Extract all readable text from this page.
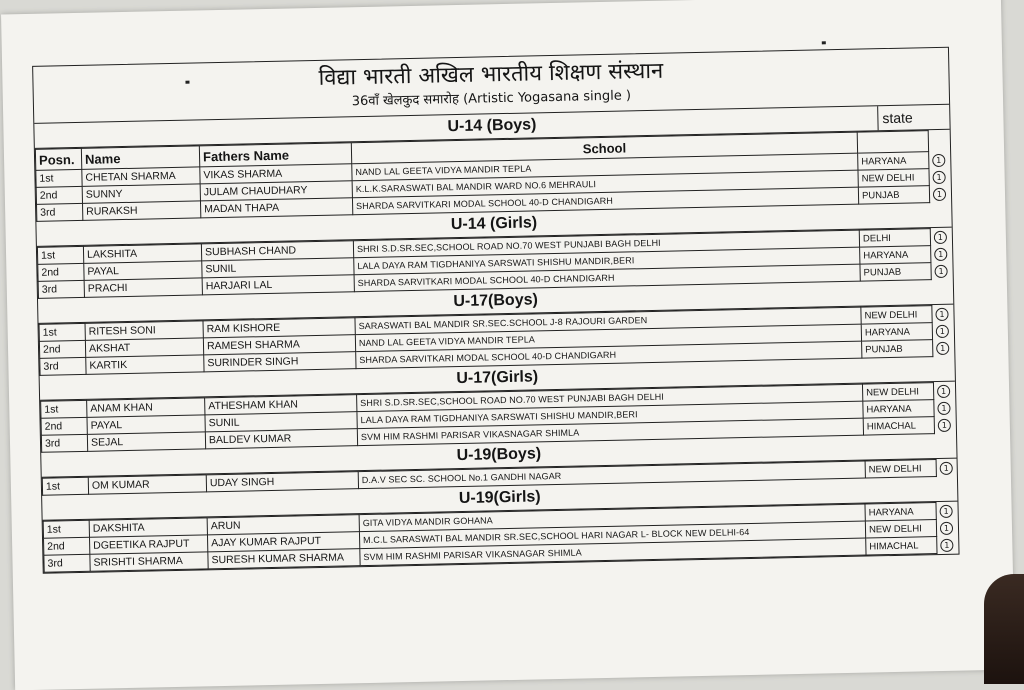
विद्या भारती अखिल भारतीय शिक्षण संस्थान
36वाँ खेलकुद समारोह (Artistic Yogasana single )
U-14 (Boys)	state
Posn.	Name	Fathers Name	School		
1st	CHETAN SHARMA	VIKAS SHARMA	NAND LAL GEETA VIDYA MANDIR TEPLA	HARYANA	1
2nd	SUNNY	JULAM CHAUDHARY	K.L.K.SARASWATI BAL MANDIR WARD NO.6 MEHRAULI	NEW DELHI	1
3rd	RURAKSH	MADAN THAPA	SHARDA SARVITKARI MODAL SCHOOL 40-D CHANDIGARH	PUNJAB	1
U-14 (Girls)
1st	LAKSHITA	SUBHASH CHAND	SHRI S.D.SR.SEC,SCHOOL ROAD NO.70 WEST PUNJABI BAGH DELHI	DELHI	1
2nd	PAYAL	SUNIL	LALA DAYA RAM TIGDHANIYA SARSWATI SHISHU MANDIR,BERI	HARYANA	1
3rd	PRACHI	HARJARI LAL	SHARDA SARVITKARI MODAL SCHOOL 40-D CHANDIGARH	PUNJAB	1
U-17(Boys)
1st	RITESH SONI	RAM KISHORE	SARASWATI BAL MANDIR SR.SEC.SCHOOL J-8 RAJOURI GARDEN	NEW DELHI	1
2nd	AKSHAT	RAMESH SHARMA	NAND LAL GEETA VIDYA MANDIR TEPLA	HARYANA	1
3rd	KARTIK	SURINDER SINGH	SHARDA SARVITKARI MODAL SCHOOL 40-D CHANDIGARH	PUNJAB	1
U-17(Girls)
1st	ANAM KHAN	ATHESHAM KHAN	SHRI S.D.SR.SEC,SCHOOL ROAD NO.70 WEST PUNJABI BAGH DELHI	NEW DELHI	1
2nd	PAYAL	SUNIL	LALA DAYA RAM TIGDHANIYA SARSWATI SHISHU MANDIR,BERI	HARYANA	1
3rd	SEJAL	BALDEV KUMAR	SVM HIM RASHMI PARISAR VIKASNAGAR SHIMLA	HIMACHAL	1
U-19(Boys)
1st	OM KUMAR	UDAY SINGH	D.A.V SEC SC. SCHOOL No.1 GANDHI NAGAR	NEW DELHI	1
U-19(Girls)
1st	DAKSHITA	ARUN	GITA VIDYA MANDIR GOHANA	HARYANA	1
2nd	DGEETIKA RAJPUT	AJAY KUMAR RAJPUT	M.C.L SARASWATI BAL MANDIR SR.SEC,SCHOOL HARI NAGAR L- BLOCK NEW DELHI-64	NEW DELHI	1
3rd	SRISHTI SHARMA	SURESH KUMAR SHARMA	SVM HIM RASHMI PARISAR VIKASNAGAR SHIMLA	HIMACHAL	1
